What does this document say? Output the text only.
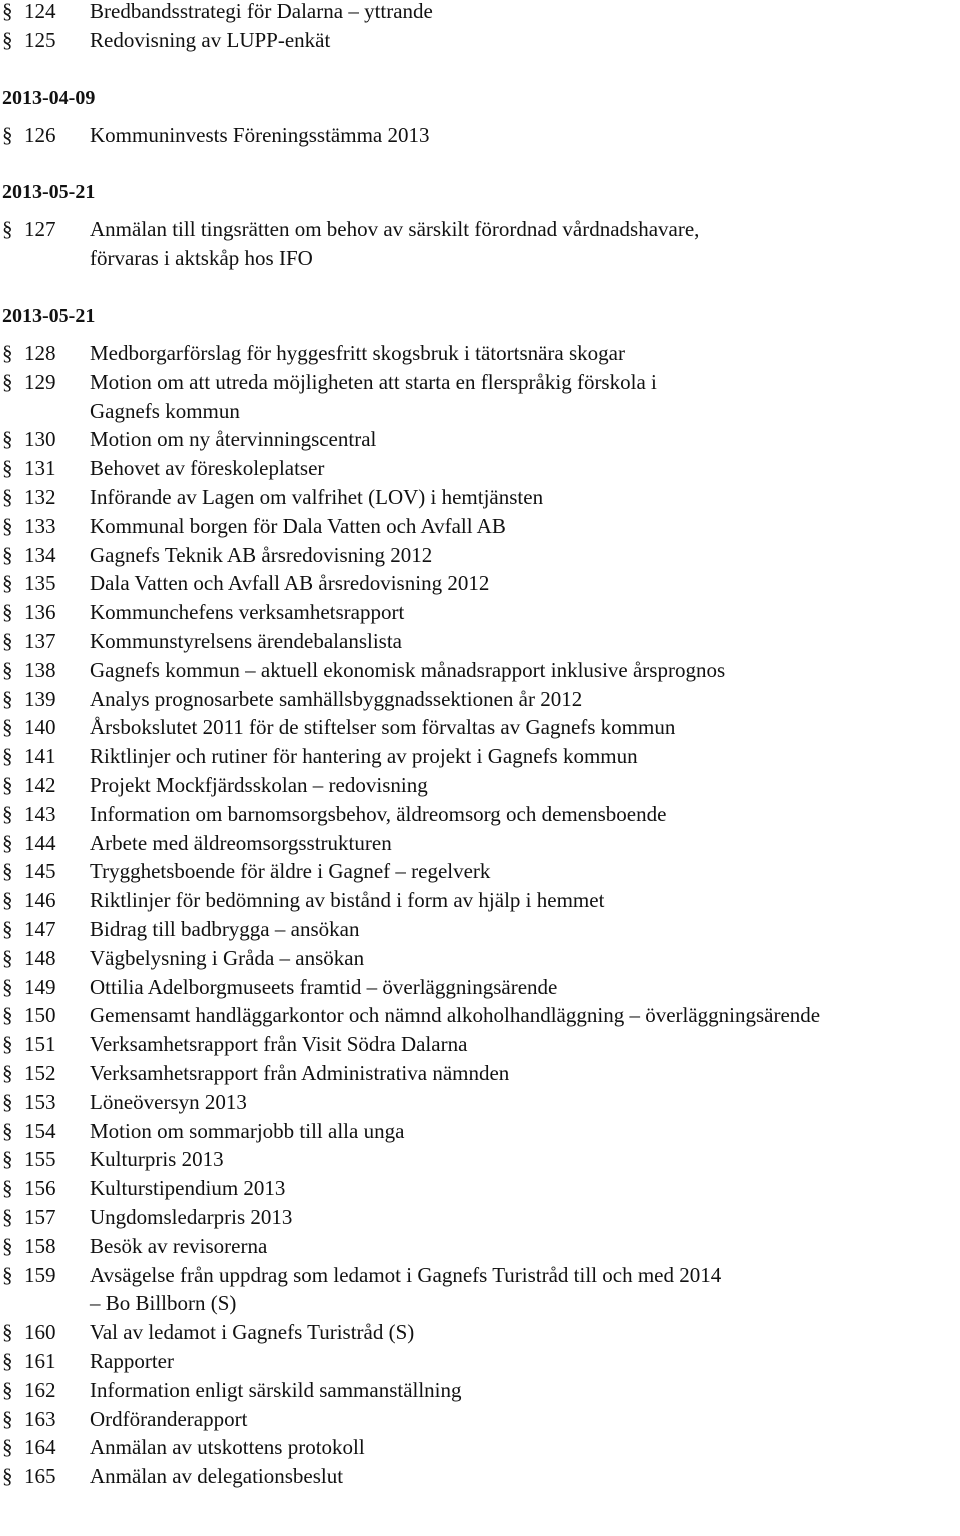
§ 124 Bredbandsstrategi för Dalarna – yttrande
§ 125 Redovisning av LUPP-enkät
2013-04-09
§ 126 Kommuninvests Föreningsstämma 2013
2013-05-21
§ 127 Anmälan till tingsrätten om behov av särskilt förordnad vårdnadshavare,
förvaras i aktskåp hos IFO
2013-05-21
§ 128 Medborgarförslag för hyggesfritt skogsbruk i tätortsnära skogar
§ 129 Motion om att utreda möjligheten att starta en flerspråkig förskola i
Gagnefs kommun
§ 130 Motion om ny återvinningscentral
§ 131 Behovet av föreskoleplatser
§ 132 Införande av Lagen om valfrihet (LOV) i hemtjänsten
§ 133 Kommunal borgen för Dala Vatten och Avfall AB
§ 134 Gagnefs Teknik AB årsredovisning 2012
§ 135 Dala Vatten och Avfall AB årsredovisning 2012
§ 136 Kommunchefens verksamhetsrapport
§ 137 Kommunstyrelsens ärendebalanslista
§ 138 Gagnefs kommun – aktuell ekonomisk månadsrapport inklusive årsprognos
§ 139 Analys prognosarbete samhällsbyggnadssektionen år 2012
§ 140 Årsbokslutet 2011 för de stiftelser som förvaltas av Gagnefs kommun
§ 141 Riktlinjer och rutiner för hantering av projekt i Gagnefs kommun
§ 142 Projekt Mockfjärdsskolan – redovisning
§ 143 Information om barnomsorgsbehov, äldreomsorg och demensboende
§ 144 Arbete med äldreomsorgsstrukturen
§ 145 Trygghetsboende för äldre i Gagnef – regelverk
§ 146 Riktlinjer för bedömning av bistånd i form av hjälp i hemmet
§ 147 Bidrag till badbrygga – ansökan
§ 148 Vägbelysning i Gråda – ansökan
§ 149 Ottilia Adelborgmuseets framtid – överläggningsärende
§ 150 Gemensamt handläggarkontor och nämnd alkoholhandläggning – överläggningsärende
§ 151 Verksamhetsrapport från Visit Södra Dalarna
§ 152 Verksamhetsrapport från Administrativa nämnden
§ 153 Löneöversyn 2013
§ 154 Motion om sommarjobb till alla unga
§ 155 Kulturpris 2013
§ 156 Kulturstipendium 2013
§ 157 Ungdomsledarpris 2013
§ 158 Besök av revisorerna
§ 159 Avsägelse från uppdrag som ledamot i Gagnefs Turistråd till och med 2014
– Bo Billborn (S)
§ 160 Val av ledamot i Gagnefs Turistråd (S)
§ 161 Rapporter
§ 162 Information enligt särskild sammanställning
§ 163 Ordföranderapport
§ 164 Anmälan av utskottens protokoll
§ 165 Anmälan av delegationsbeslut
